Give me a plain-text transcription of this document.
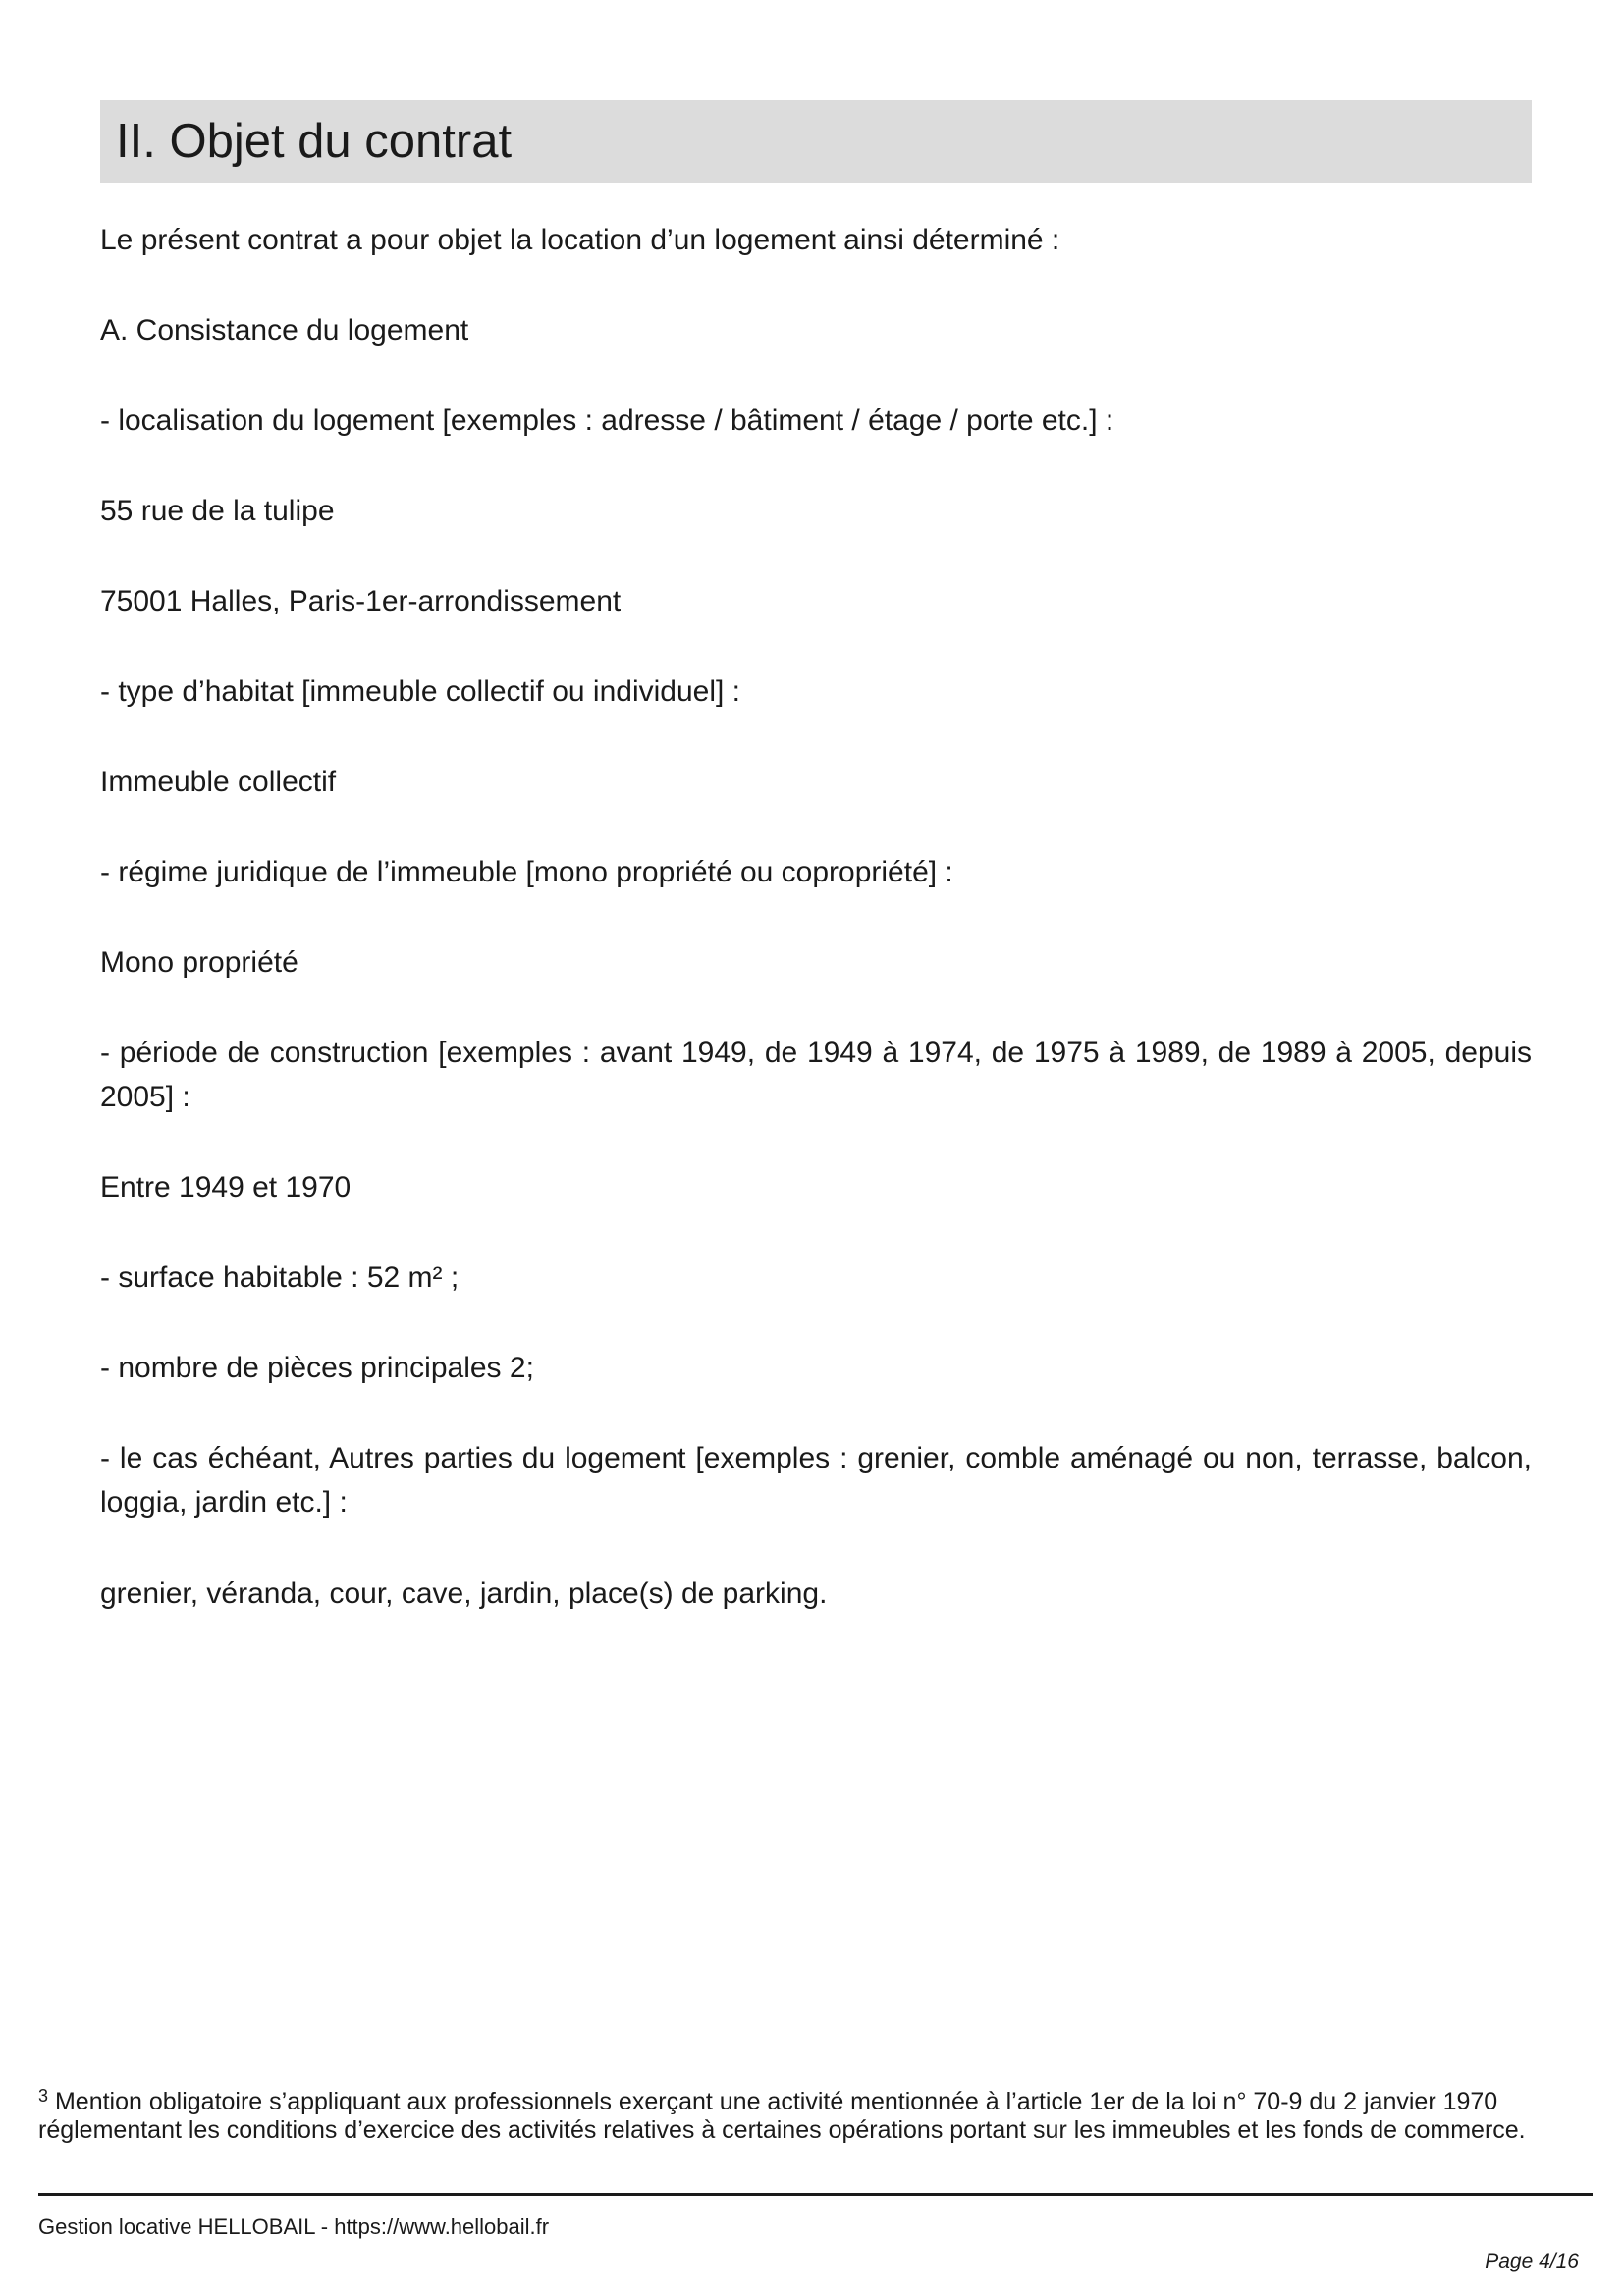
II. Objet du contrat

Le présent contrat a pour objet la location d’un logement ainsi déterminé :

A. Consistance du logement

- localisation du logement [exemples : adresse / bâtiment / étage / porte etc.] :

55 rue de la tulipe

75001 Halles, Paris-1er-arrondissement

- type d’habitat [immeuble collectif ou individuel] :

Immeuble collectif

- régime juridique de l’immeuble [mono propriété ou copropriété] :

Mono propriété

- période de construction [exemples : avant 1949, de 1949 à 1974, de 1975 à 1989, de 1989 à 2005, depuis 2005] :

Entre 1949 et 1970

- surface habitable : 52 m² ;

- nombre de pièces principales 2;

- le cas échéant, Autres parties du logement [exemples : grenier, comble aménagé ou non, terrasse, balcon, loggia, jardin etc.] :

grenier, véranda, cour, cave, jardin, place(s) de parking.

$^3$ Mention obligatoire s’appliquant aux professionnels exerçant une activité mentionnée à l’article 1er de la loi n° 70-9 du 2 janvier 1970 réglementant les conditions d’exercice des activités relatives à certaines opérations portant sur les immeubles et les fonds de commerce.

Gestion locative HELLOBAIL - https://www.hellobail.fr
Page 4/16
